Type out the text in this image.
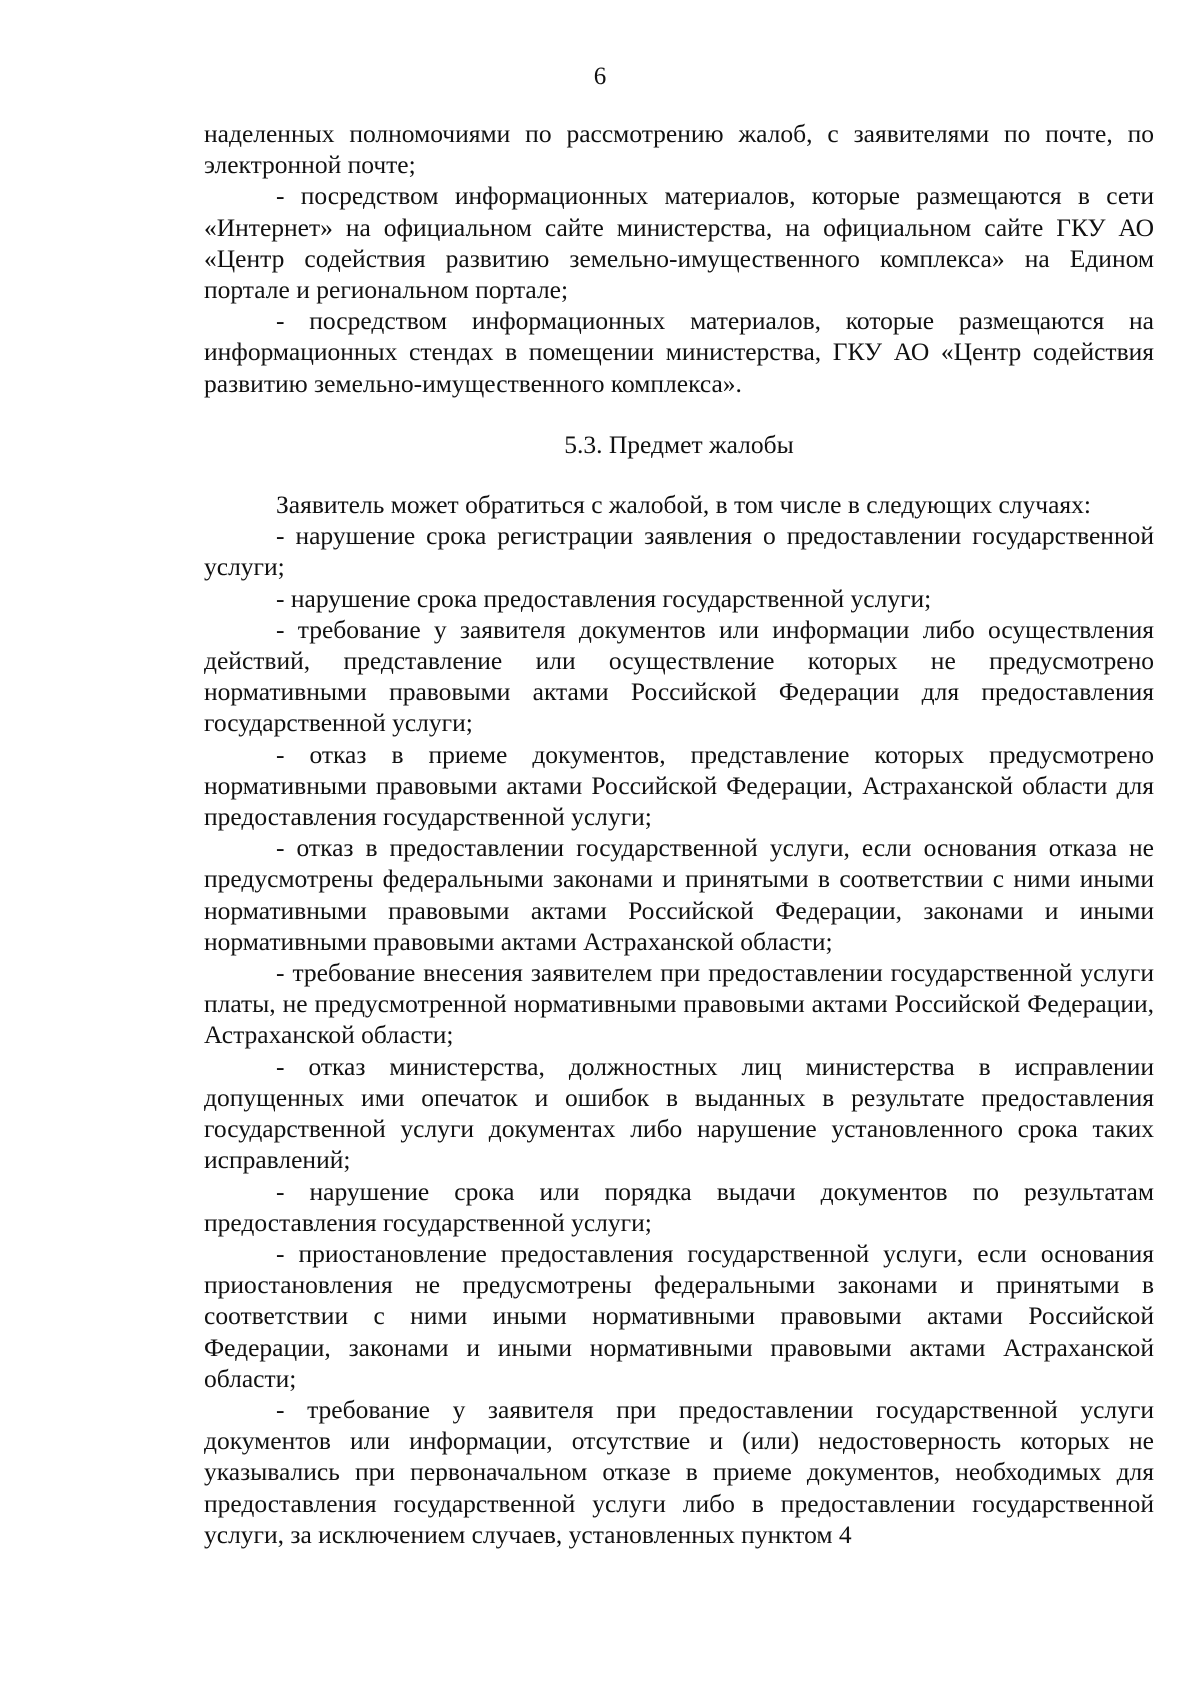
6

наделенных полномочиями по рассмотрению жалоб, с заявителями по почте, по электронной почте;

- посредством информационных материалов, которые размещаются в сети «Интернет» на официальном сайте министерства, на официальном сайте ГКУ АО «Центр содействия развитию земельно-имущественного комплекса» на Едином портале и региональном портале;

- посредством информационных материалов, которые размещаются на информационных стендах в помещении министерства, ГКУ АО «Центр содействия развитию земельно-имущественного комплекса».

5.3. Предмет жалобы

Заявитель может обратиться с жалобой, в том числе в следующих случаях:

- нарушение срока регистрации заявления о предоставлении государственной услуги;

- нарушение срока предоставления государственной услуги;

- требование у заявителя документов или информации либо осуществления действий, представление или осуществление которых не предусмотрено нормативными правовыми актами Российской Федерации для предоставления государственной услуги;

- отказ в приеме документов, представление которых предусмотрено нормативными правовыми актами Российской Федерации, Астраханской области для предоставления государственной услуги;

- отказ в предоставлении государственной услуги, если основания отказа не предусмотрены федеральными законами и принятыми в соответствии с ними иными нормативными правовыми актами Российской Федерации, законами и иными нормативными правовыми актами Астраханской области;

- требование внесения заявителем при предоставлении государственной услуги платы, не предусмотренной нормативными правовыми актами Российской Федерации, Астраханской области;

- отказ министерства, должностных лиц министерства в исправлении допущенных ими опечаток и ошибок в выданных в результате предоставления государственной услуги документах либо нарушение установленного срока таких исправлений;

- нарушение срока или порядка выдачи документов по результатам предоставления государственной услуги;

- приостановление предоставления государственной услуги, если основания приостановления не предусмотрены федеральными законами и принятыми в соответствии с ними иными нормативными правовыми актами Российской Федерации, законами и иными нормативными правовыми актами Астраханской области;

- требование у заявителя при предоставлении государственной услуги документов или информации, отсутствие и (или) недостоверность которых не указывались при первоначальном отказе в приеме документов, необходимых для предоставления государственной услуги либо в предоставлении государственной услуги, за исключением случаев, установленных пунктом 4
